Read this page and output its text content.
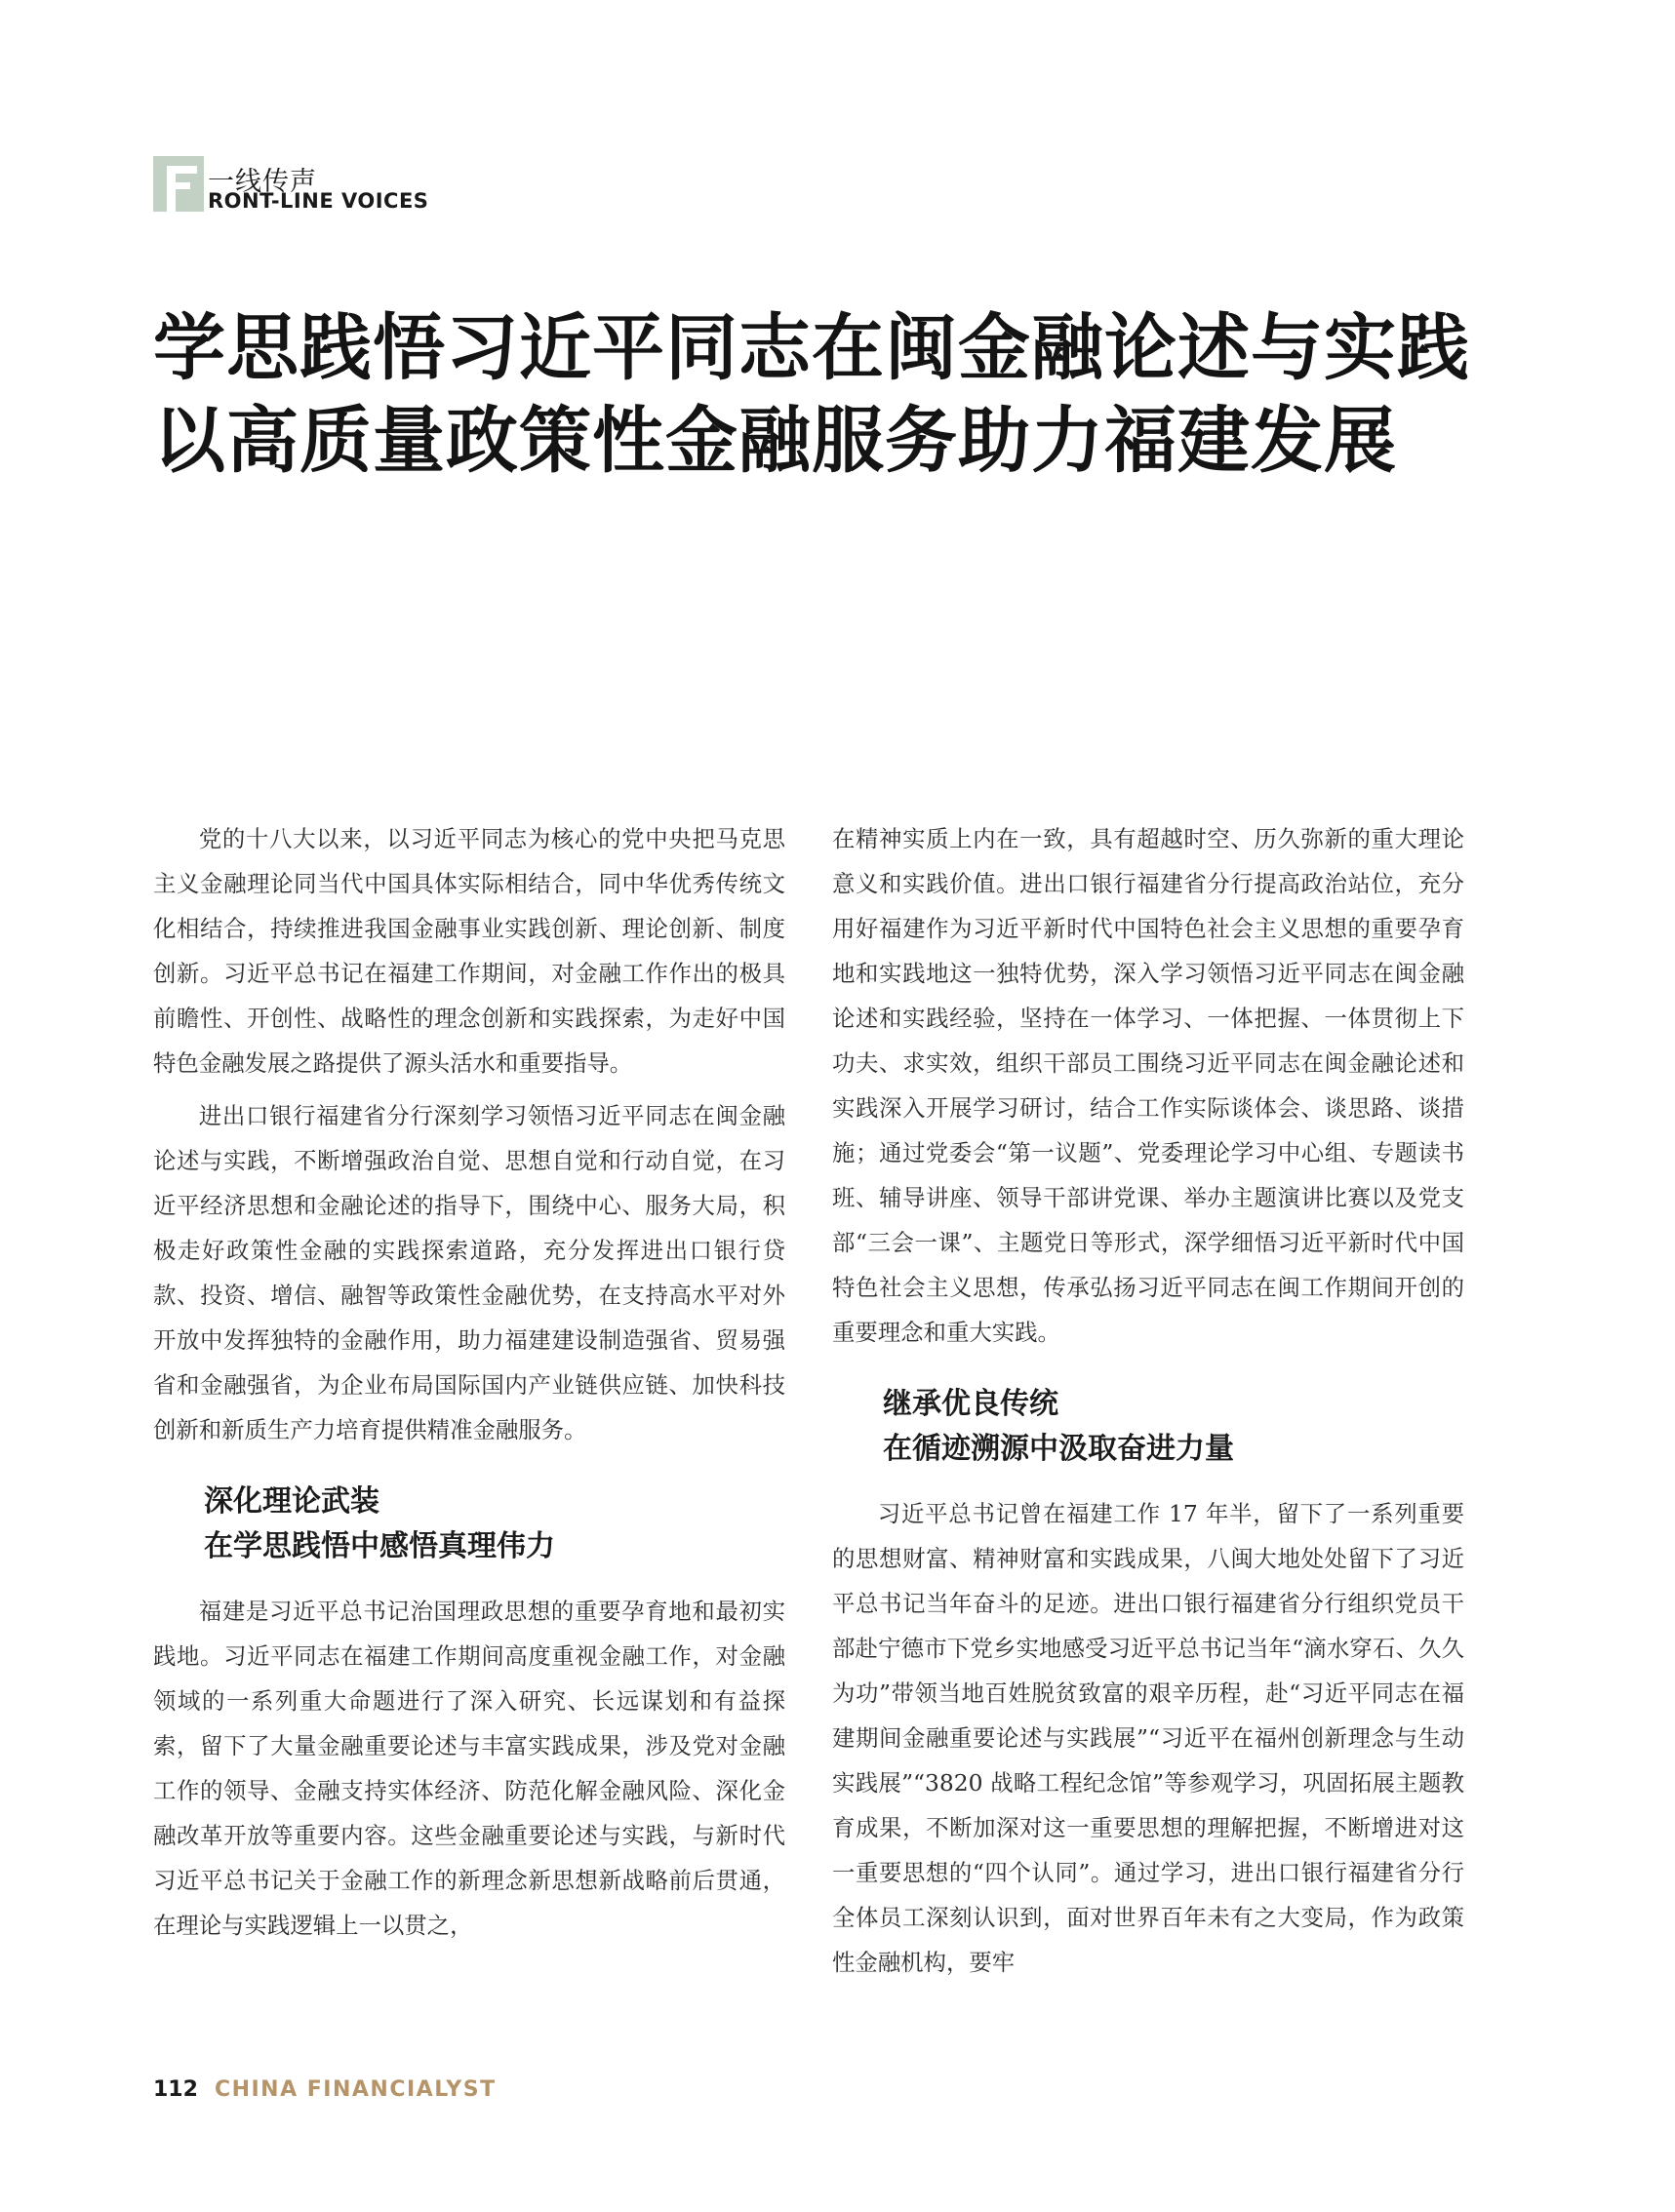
一线传声
RONT-LINE VOICES
学思践悟习近平同志在闽金融论述与实践
以高质量政策性金融服务助力福建发展

党的十八大以来，以习近平同志为核心的党中央把马克思主义金融理论同当代中国具体实际相结合，同中华优秀传统文化相结合，持续推进我国金融事业实践创新、理论创新、制度创新。习近平总书记在福建工作期间，对金融工作作出的极具前瞻性、开创性、战略性的理念创新和实践探索，为走好中国特色金融发展之路提供了源头活水和重要指导。

进出口银行福建省分行深刻学习领悟习近平同志在闽金融论述与实践，不断增强政治自觉、思想自觉和行动自觉，在习近平经济思想和金融论述的指导下，围绕中心、服务大局，积极走好政策性金融的实践探索道路，充分发挥进出口银行贷款、投资、增信、融智等政策性金融优势，在支持高水平对外开放中发挥独特的金融作用，助力福建建设制造强省、贸易强省和金融强省，为企业布局国际国内产业链供应链、加快科技创新和新质生产力培育提供精准金融服务。

深化理论武装
在学思践悟中感悟真理伟力

福建是习近平总书记治国理政思想的重要孕育地和最初实践地。习近平同志在福建工作期间高度重视金融工作，对金融领域的一系列重大命题进行了深入研究、长远谋划和有益探索，留下了大量金融重要论述与丰富实践成果，涉及党对金融工作的领导、金融支持实体经济、防范化解金融风险、深化金融改革开放等重要内容。这些金融重要论述与实践，与新时代习近平总书记关于金融工作的新理念新思想新战略前后贯通，在理论与实践逻辑上一以贯之，

在精神实质上内在一致，具有超越时空、历久弥新的重大理论意义和实践价值。进出口银行福建省分行提高政治站位，充分用好福建作为习近平新时代中国特色社会主义思想的重要孕育地和实践地这一独特优势，深入学习领悟习近平同志在闽金融论述和实践经验，坚持在一体学习、一体把握、一体贯彻上下功夫、求实效，组织干部员工围绕习近平同志在闽金融论述和实践深入开展学习研讨，结合工作实际谈体会、谈思路、谈措施；通过党委会“第一议题”、党委理论学习中心组、专题读书班、辅导讲座、领导干部讲党课、举办主题演讲比赛以及党支部“三会一课”、主题党日等形式，深学细悟习近平新时代中国特色社会主义思想，传承弘扬习近平同志在闽工作期间开创的重要理念和重大实践。

继承优良传统
在循迹溯源中汲取奋进力量

习近平总书记曾在福建工作 17 年半，留下了一系列重要的思想财富、精神财富和实践成果，八闽大地处处留下了习近平总书记当年奋斗的足迹。进出口银行福建省分行组织党员干部赴宁德市下党乡实地感受习近平总书记当年“滴水穿石、久久为功”带领当地百姓脱贫致富的艰辛历程，赴“习近平同志在福建期间金融重要论述与实践展”“习近平在福州创新理念与生动实践展”“3820 战略工程纪念馆”等参观学习，巩固拓展主题教育成果，不断加深对这一重要思想的理解把握，不断增进对这一重要思想的“四个认同”。通过学习，进出口银行福建省分行全体员工深刻认识到，面对世界百年未有之大变局，作为政策性金融机构，要牢

112 CHINA FINANCIALYST
